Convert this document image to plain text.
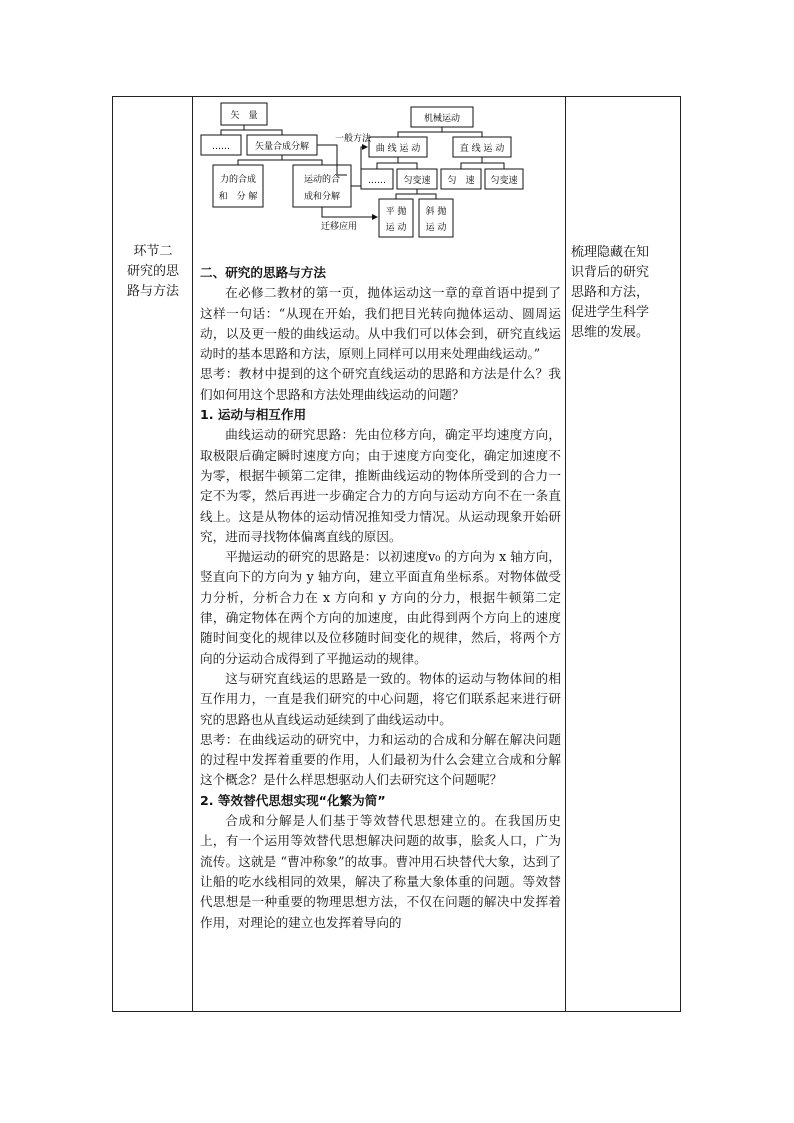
环节二
研究的思
路与方法
梳理隐藏在知
识背后的研究
思路和方法，
促进学生科学
思维的发展。
矢　量
……	矢量合成分解
力的合成
和　分 解
运动的合
成和分解
一般方法
迁移应用
机械运动
曲 线 运 动	直 线 运 动
…… 匀变速 匀　速 匀变速
平 抛
运 动
斜 抛
运 动

二、研究的思路与方法

在必修二教材的第一页，抛体运动这一章的章首语中提到了这样一句话：“从现在开始，我们把目光转向抛体运动、圆周运动，以及更一般的曲线运动。从中我们可以体会到，研究直线运动时的基本思路和方法，原则上同样可以用来处理曲线运动。”

思考：教材中提到的这个研究直线运动的思路和方法是什么？我们如何用这个思路和方法处理曲线运动的问题？

1. 运动与相互作用

曲线运动的研究思路：先由位移方向，确定平均速度方向，取极限后确定瞬时速度方向；由于速度方向变化，确定加速度不为零，根据牛顿第二定律，推断曲线运动的物体所受到的合力一定不为零，然后再进一步确定合力的方向与运动方向不在一条直线上。这是从物体的运动情况推知受力情况。从运动现象开始研究，进而寻找物体偏离直线的原因。

平抛运动的研究的思路是：以初速度v₀ 的方向为 x 轴方向，竖直向下的方向为 y 轴方向，建立平面直角坐标系。对物体做受力分析，分析合力在 x 方向和 y 方向的分力，根据牛顿第二定律，确定物体在两个方向的加速度，由此得到两个方向上的速度随时间变化的规律以及位移随时间变化的规律，然后，将两个方向的分运动合成得到了平抛运动的规律。

这与研究直线运的思路是一致的。物体的运动与物体间的相互作用力，一直是我们研究的中心问题，将它们联系起来进行研究的思路也从直线运动延续到了曲线运动中。

思考：在曲线运动的研究中，力和运动的合成和分解在解决问题的过程中发挥着重要的作用，人们最初为什么会建立合成和分解这个概念？是什么样思想驱动人们去研究这个问题呢？

2. 等效替代思想实现“化繁为简”

合成和分解是人们基于等效替代思想建立的。在我国历史上，有一个运用等效替代思想解决问题的故事，脍炙人口，广为流传。这就是 “曹冲称象”的故事。曹冲用石块替代大象，达到了让船的吃水线相同的效果，解决了称量大象体重的问题。等效替代思想是一种重要的物理思想方法，不仅在问题的解决中发挥着作用，对理论的建立也发挥着导向的
